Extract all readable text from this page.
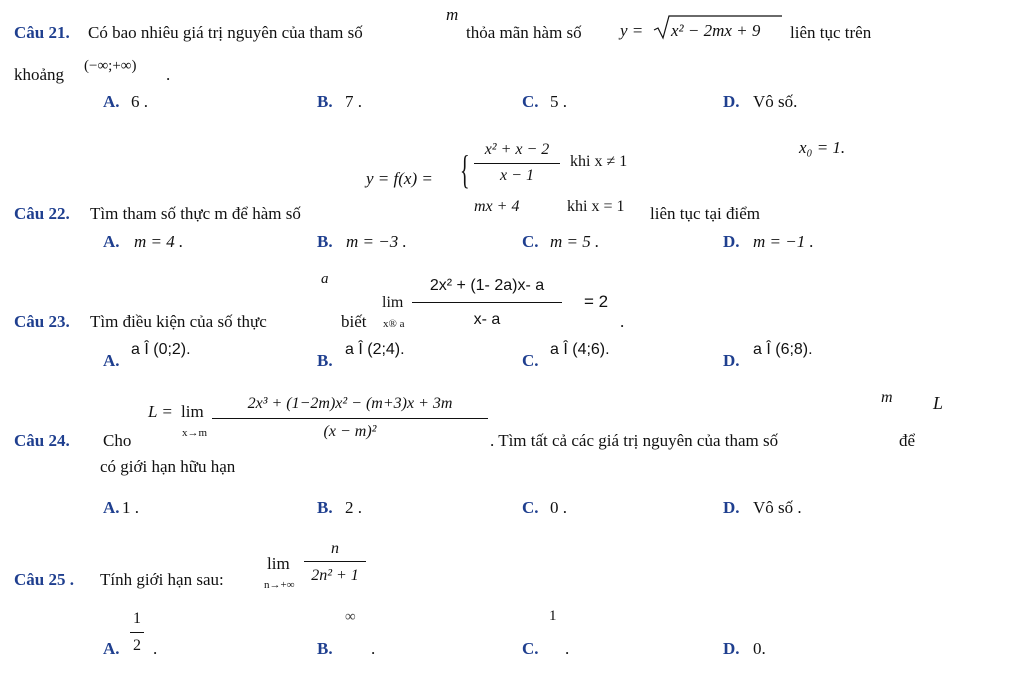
Câu 21. Có bao nhiêu giá trị nguyên của tham số
m
thỏa mãn hàm số y = x² − 2mx + 9 liên tục trên
khoảng (−∞;+∞) .
A. 6 .	B. 7 .	C. 5 .	D. Vô số.
y = f(x) = { x² + x − 2
x − 1
khi x ≠ 1
mx + 4	khi x = 1
x₀ = 1.
Câu 22. Tìm tham số thực m để hàm số	liên tục tại điểm
A. m = 4 .	B. m = −3 .	C. m = 5 .	D. m = −1 .
a
Câu 23. Tìm điều kiện của số thực	biết
lim
x® a
2x² + (1- 2a)x- a
x- a
= 2
.
A.
a Î (0;2).
B.
a Î (2;4).
C.
a Î (4;6).
D.
a Î (6;8).
Câu 24. Cho
L = lim
x→m
2x³ + (1−2m)x² − (m+3)x + 3m
(x − m)²	. Tìm tất cả các giá trị nguyên của tham số
m L
để
có giới hạn hữu hạn
A. 1 .	B. 2 .	C. 0 .	D. Vô số .
Câu 25 . Tính giới hạn sau:
lim
n→+∞
n
2n² + 1
A.
1
2 .	B.
∞
.	C.
1
.	D. 0.
